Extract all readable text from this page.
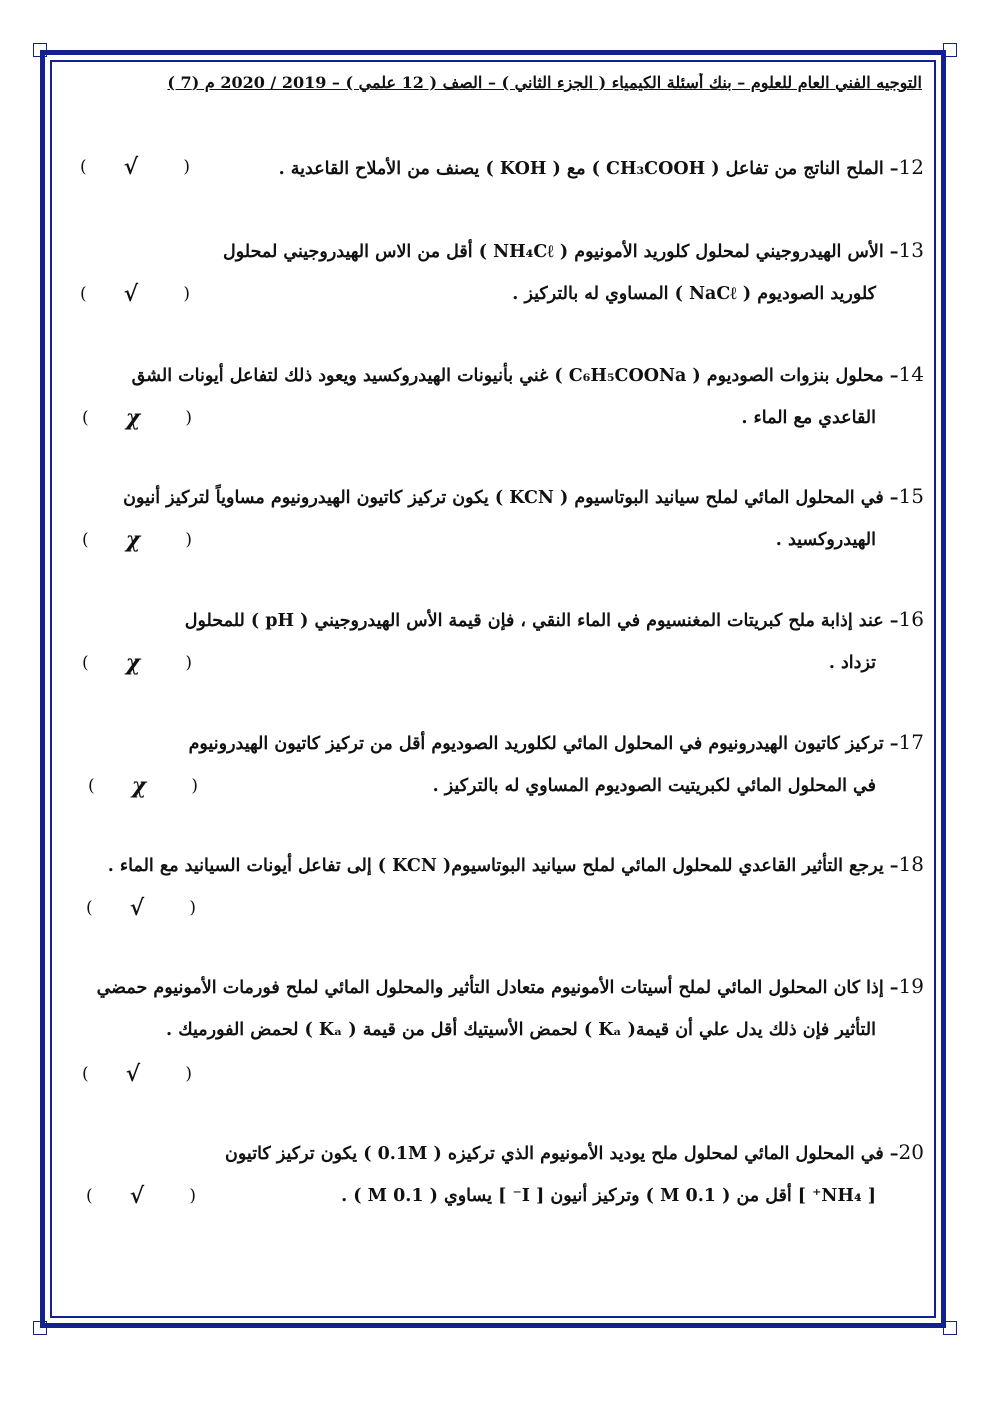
التوجيه الفني العام للعلوم – بنك أسئلة الكيمياء ( الجزء الثاني ) – الصف ( 12 علمي ) – 2019 / 2020 م (7 )
12– الملح الناتج من تفاعل ( CH₃COOH ) مع ( KOH ) يصنف من الأملاح القاعدية .
(	√	)
13– الأس الهيدروجيني لمحلول كلوريد الأمونيوم ( NH₄Cℓ ) أقل من الاس الهيدروجيني لمحلول
كلوريد الصوديوم ( NaCℓ ) المساوي له بالتركيز .
(	√	)
14– محلول بنزوات الصوديوم ( C₆H₅COONa ) غني بأنيونات الهيدروكسيد ويعود ذلك لتفاعل أيونات الشق
القاعدي مع الماء .
(	χ	)
15– في المحلول المائي لملح سيانيد البوتاسيوم ( KCN ) يكون تركيز كاتيون الهيدرونيوم مساوياً لتركيز أنيون
الهيدروكسيد .
(	χ	)
16– عند إذابة ملح كبريتات المغنسيوم في الماء النقي ، فإن قيمة الأس الهيدروجيني ( pH ) للمحلول
تزداد .
(	χ	)
17– تركيز كاتيون الهيدرونيوم في المحلول المائي لكلوريد الصوديوم أقل من تركيز كاتيون الهيدرونيوم
في المحلول المائي لكبريتيت الصوديوم المساوي له بالتركيز .
(	χ	)
18– يرجع التأثير القاعدي للمحلول المائي لملح سيانيد البوتاسيوم( KCN ) إلى تفاعل أيونات السيانيد مع الماء .
(	√	)
19– إذا كان المحلول المائي لملح أسيتات الأمونيوم متعادل التأثير والمحلول المائي لملح فورمات الأمونيوم حمضي
التأثير فإن ذلك يدل علي أن قيمة( Kₐ ) لحمض الأسيتيك أقل من قيمة ( Kₐ ) لحمض الفورميك .
(	√	)
20– في المحلول المائي لمحلول ملح يوديد الأمونيوم الذي تركيزه ( 0.1M ) يكون تركيز كاتيون
[ NH₄⁺ ] أقل من ( 0.1 M ) وتركيز أنيون [ I⁻ ] يساوي ( 0.1 M ) .
(	√	)
